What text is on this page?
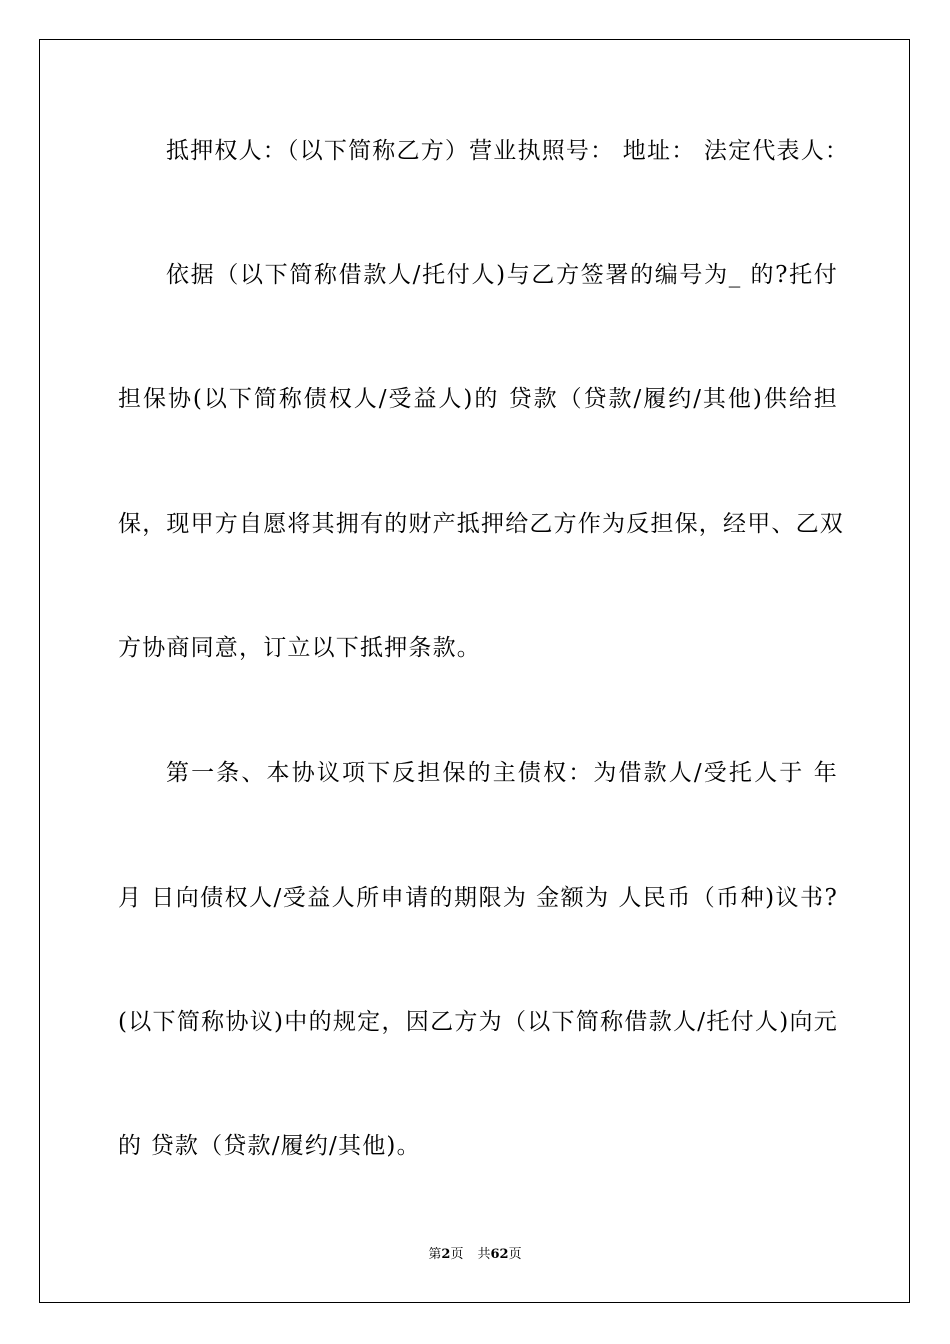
抵押权人：（以下简称乙方）营业执照号： 地址： 法定代表人：
依据（以下简称借款人/托付人)与乙方签署的编号为_ 的?托付
担保协(以下简称债权人/受益人)的 贷款（贷款/履约/其他)供给担
保，现甲方自愿将其拥有的财产抵押给乙方作为反担保，经甲、乙双
方协商同意，订立以下抵押条款。
第一条、本协议项下反担保的主债权：为借款人/受托人于 年
月 日向债权人/受益人所申请的期限为 金额为 人民币（币种)议书?
(以下简称协议)中的规定，因乙方为（以下简称借款人/托付人)向元
的 贷款（贷款/履约/其他)。
第2页 共62页
